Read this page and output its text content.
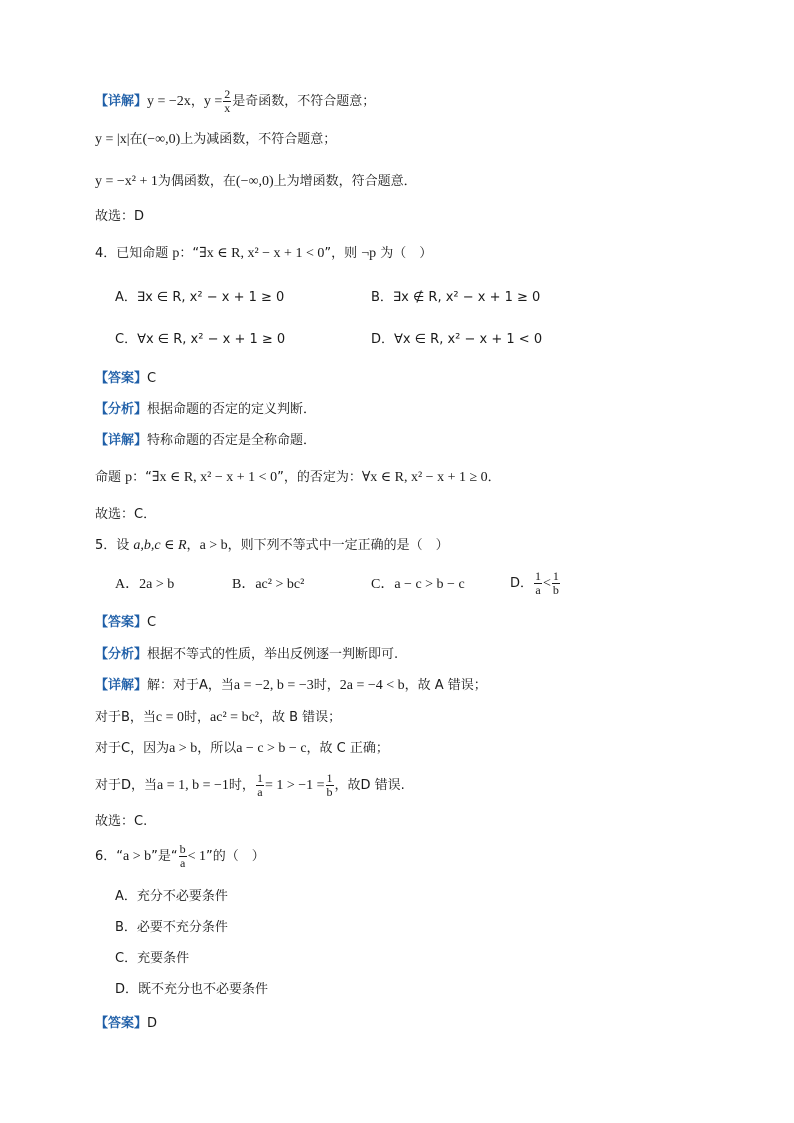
【详解】y = −2x，$y = \frac{2}{x}$ 是奇函数，不符合题意；
y = |x|在(−∞,0)上为减函数，不符合题意；
y = −x² + 1为偶函数，在(−∞,0)上为增函数，符合题意．
故选：D
4．已知命题 p：“∃x ∈ R, x² − x + 1 < 0”，则 ¬p 为（　）
A．∃x ∈ R, x² − x + 1 ≥ 0	B．∃x ∉ R, x² − x + 1 ≥ 0
C．∀x ∈ R, x² − x + 1 ≥ 0	D．∀x ∈ R, x² − x + 1 < 0
【答案】C
【分析】根据命题的否定的定义判断．
【详解】特称命题的否定是全称命题．
命题 p：“∃x ∈ R, x² − x + 1 < 0”，的否定为：∀x ∈ R, x² − x + 1 ≥ 0．
故选：C．
5．设 a,b,c ∈ R，a > b，则下列不等式中一定正确的是（　）
A．2a > b	B．ac² > bc²	C．a − c > b − c	D． $\frac{1}{a} < \frac{1}{b}$
【答案】C
【分析】根据不等式的性质，举出反例逐一判断即可.
【详解】解：对于A，当a = −2, b = −3时，2a = −4 < b，故 A 错误；
对于B，当c = 0时，ac² = bc²，故 B 错误；
对于C，因为a > b，所以a − c > b − c，故 C 正确；
对于D，当a = 1, b = −1时， $\frac{1}{a} = 1 > -1 = \frac{1}{b}$ ，故D 错误.
故选：C.
6．“a > b”是“ $\frac{b}{a} < 1$”的（　）
A．充分不必要条件
B．必要不充分条件
C．充要条件
D．既不充分也不必要条件
【答案】D
